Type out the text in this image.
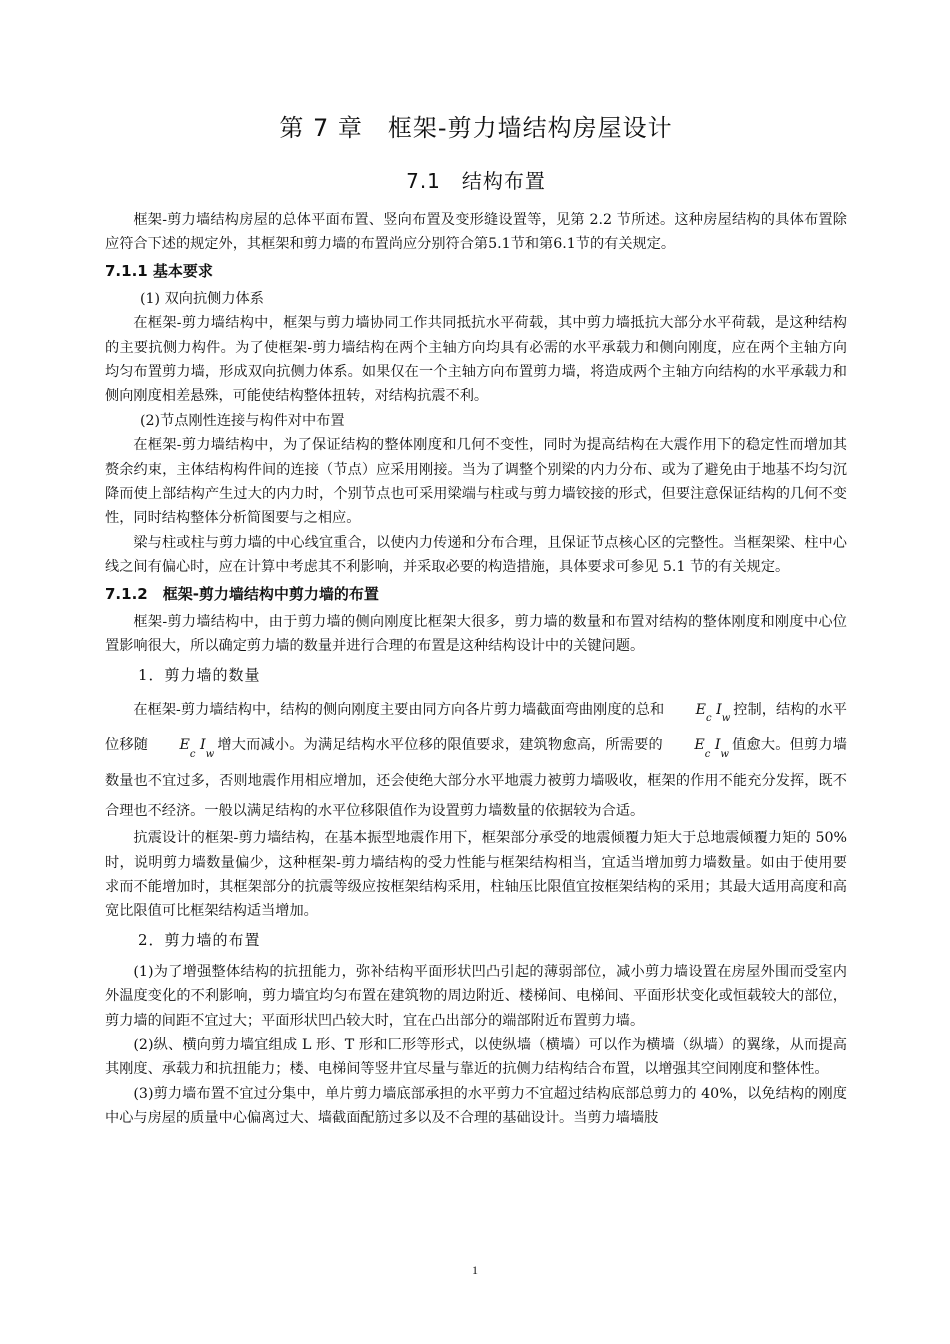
第 7 章　框架-剪力墙结构房屋设计
7.1　结构布置

框架-剪力墙结构房屋的总体平面布置、竖向布置及变形缝设置等，见第 2.2 节所述。这种房屋结构的具体布置除应符合下述的规定外，其框架和剪力墙的布置尚应分别符合第5.1节和第6.1节的有关规定。

7.1.1 基本要求
(1) 双向抗侧力体系

在框架-剪力墙结构中，框架与剪力墙协同工作共同抵抗水平荷载，其中剪力墙抵抗大部分水平荷载，是这种结构的主要抗侧力构件。为了使框架-剪力墙结构在两个主轴方向均具有必需的水平承载力和侧向刚度，应在两个主轴方向均匀布置剪力墙，形成双向抗侧力体系。如果仅在一个主轴方向布置剪力墙，将造成两个主轴方向结构的水平承载力和侧向刚度相差悬殊，可能使结构整体扭转，对结构抗震不利。

(2)节点刚性连接与构件对中布置

在框架-剪力墙结构中，为了保证结构的整体刚度和几何不变性，同时为提高结构在大震作用下的稳定性而增加其赘余约束，主体结构构件间的连接（节点）应采用刚接。当为了调整个别梁的内力分布、或为了避免由于地基不均匀沉降而使上部结构产生过大的内力时，个别节点也可采用梁端与柱或与剪力墙铰接的形式，但要注意保证结构的几何不变性，同时结构整体分析简图要与之相应。

梁与柱或柱与剪力墙的中心线宜重合，以使内力传递和分布合理，且保证节点核心区的完整性。当框架梁、柱中心线之间有偏心时，应在计算中考虑其不利影响，并采取必要的构造措施，具体要求可参见 5.1 节的有关规定。

7.1.2　框架-剪力墙结构中剪力墙的布置

框架-剪力墙结构中，由于剪力墙的侧向刚度比框架大很多，剪力墙的数量和布置对结构的整体刚度和刚度中心位置影响很大，所以确定剪力墙的数量并进行合理的布置是这种结构设计中的关键问题。

1．剪力墙的数量

在框架-剪力墙结构中，结构的侧向刚度主要由同方向各片剪力墙截面弯曲刚度的总和 $E_c$ $I_w$控制，结构的水平位移随 $E_c$ $I_w$增大而减小。为满足结构水平位移的限值要求，建筑物愈高，所需要的 $E_c$ $I_w$值愈大。但剪力墙数量也不宜过多，否则地震作用相应增加，还会使绝大部分水平地震力被剪力墙吸收，框架的作用不能充分发挥，既不合理也不经济。一般以满足结构的水平位移限值作为设置剪力墙数量的依据较为合适。

抗震设计的框架-剪力墙结构，在基本振型地震作用下，框架部分承受的地震倾覆力矩大于总地震倾覆力矩的 50%时，说明剪力墙数量偏少，这种框架-剪力墙结构的受力性能与框架结构相当，宜适当增加剪力墙数量。如由于使用要求而不能增加时，其框架部分的抗震等级应按框架结构采用，柱轴压比限值宜按框架结构的采用；其最大适用高度和高宽比限值可比框架结构适当增加。

2．剪力墙的布置

(1)为了增强整体结构的抗扭能力，弥补结构平面形状凹凸引起的薄弱部位，减小剪力墙设置在房屋外围而受室内外温度变化的不利影响，剪力墙宜均匀布置在建筑物的周边附近、楼梯间、电梯间、平面形状变化或恒载较大的部位，剪力墙的间距不宜过大；平面形状凹凸较大时，宜在凸出部分的端部附近布置剪力墙。

(2)纵、横向剪力墙宜组成 L 形、T 形和匚形等形式，以使纵墙（横墙）可以作为横墙（纵墙）的翼缘，从而提高其刚度、承载力和抗扭能力；楼、电梯间等竖井宜尽量与靠近的抗侧力结构结合布置，以增强其空间刚度和整体性。

(3)剪力墙布置不宜过分集中，单片剪力墙底部承担的水平剪力不宜超过结构底部总剪力的 40%，以免结构的刚度中心与房屋的质量中心偏离过大、墙截面配筋过多以及不合理的基础设计。当剪力墙墙肢

1
